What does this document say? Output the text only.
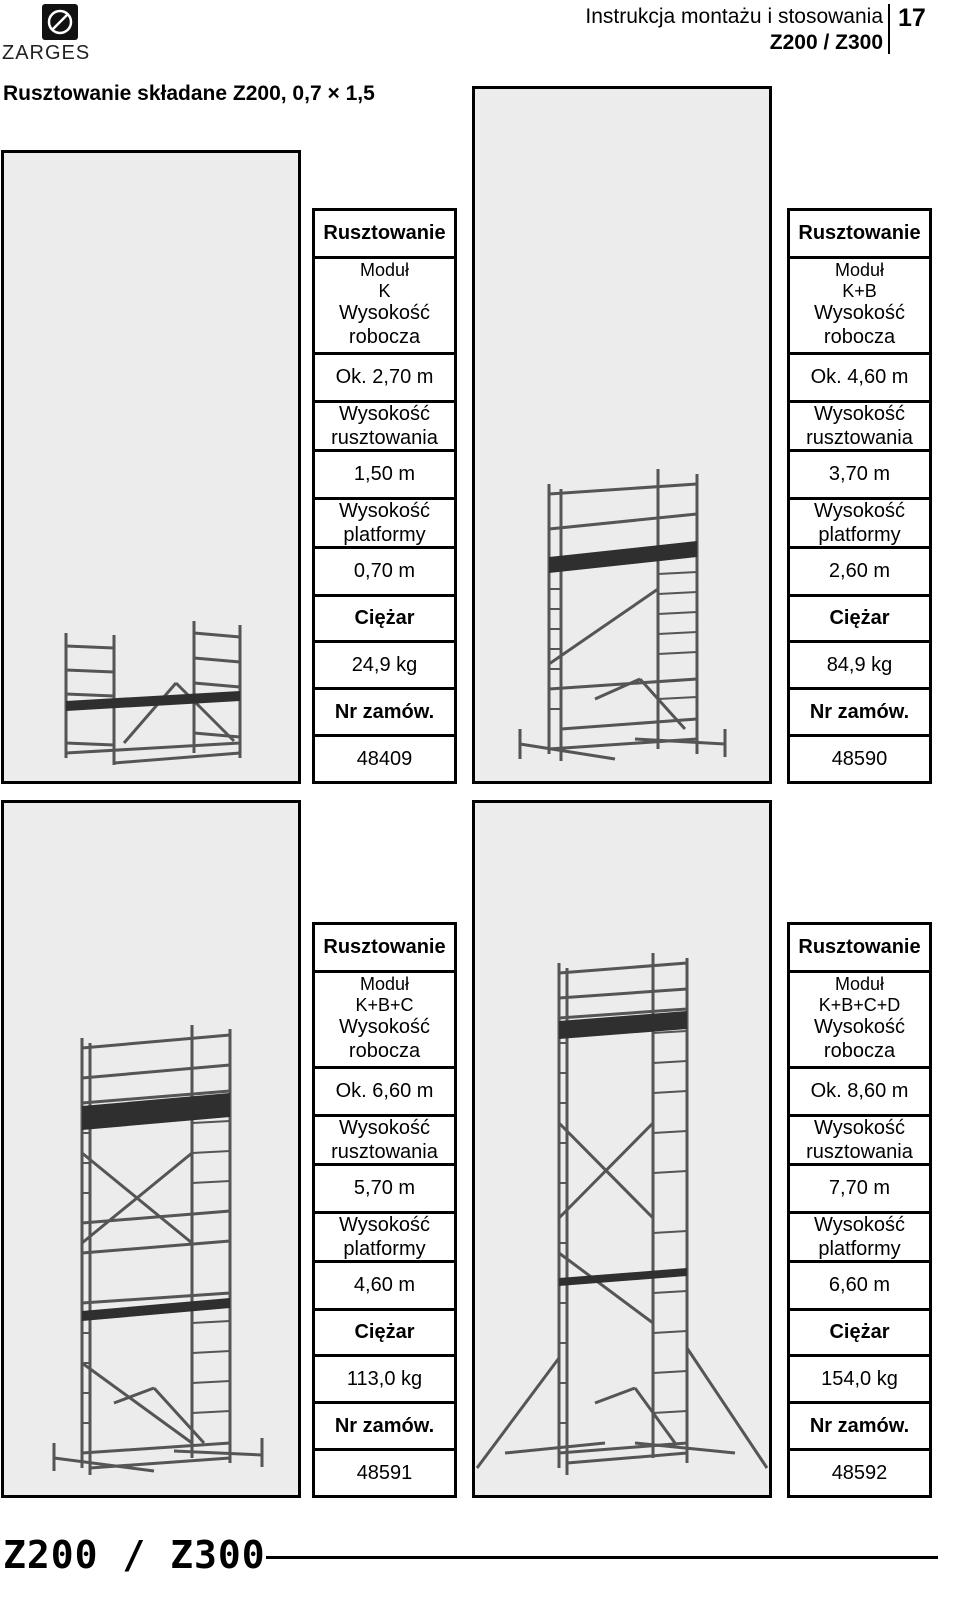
ZARGES
Instrukcja montażu i stosowania
Z200 / Z300
17
Rusztowanie składane Z200, 0,7 × 1,5
Rusztowanie
Moduł
K
Wysokość robocza
Ok. 2,70 m
Wysokość rusztowania
1,50 m
Wysokość platformy
0,70 m
Ciężar
24,9 kg
Nr zamów.
48409
Rusztowanie
Moduł
K+B
Wysokość robocza
Ok. 4,60 m
Wysokość rusztowania
3,70 m
Wysokość platformy
2,60 m
Ciężar
84,9 kg
Nr zamów.
48590
Rusztowanie
Moduł
K+B+C
Wysokość robocza
Ok. 6,60 m
Wysokość rusztowania
5,70 m
Wysokość platformy
4,60 m
Ciężar
113,0 kg
Nr zamów.
48591
Rusztowanie
Moduł
K+B+C+D
Wysokość robocza
Ok. 8,60 m
Wysokość rusztowania
7,70 m
Wysokość platformy
6,60 m
Ciężar
154,0 kg
Nr zamów.
48592
Z200 / Z300
